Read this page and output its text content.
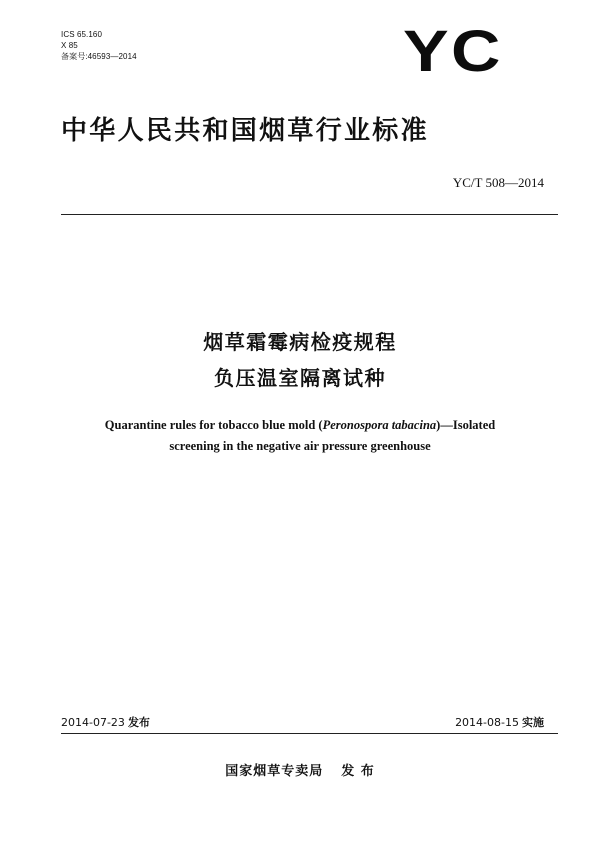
ICS 65.160
X 85
备案号:46593—2014	YC
中华人民共和国烟草行业标准
YC/T 508—2014
烟草霜霉病检疫规程
负压温室隔离试种
Quarantine rules for tobacco blue mold (Peronospora tabacina)—Isolated
screening in the negative air pressure greenhouse
2014-07-23 发布	2014-08-15 实施
国家烟草专卖局 发 布
